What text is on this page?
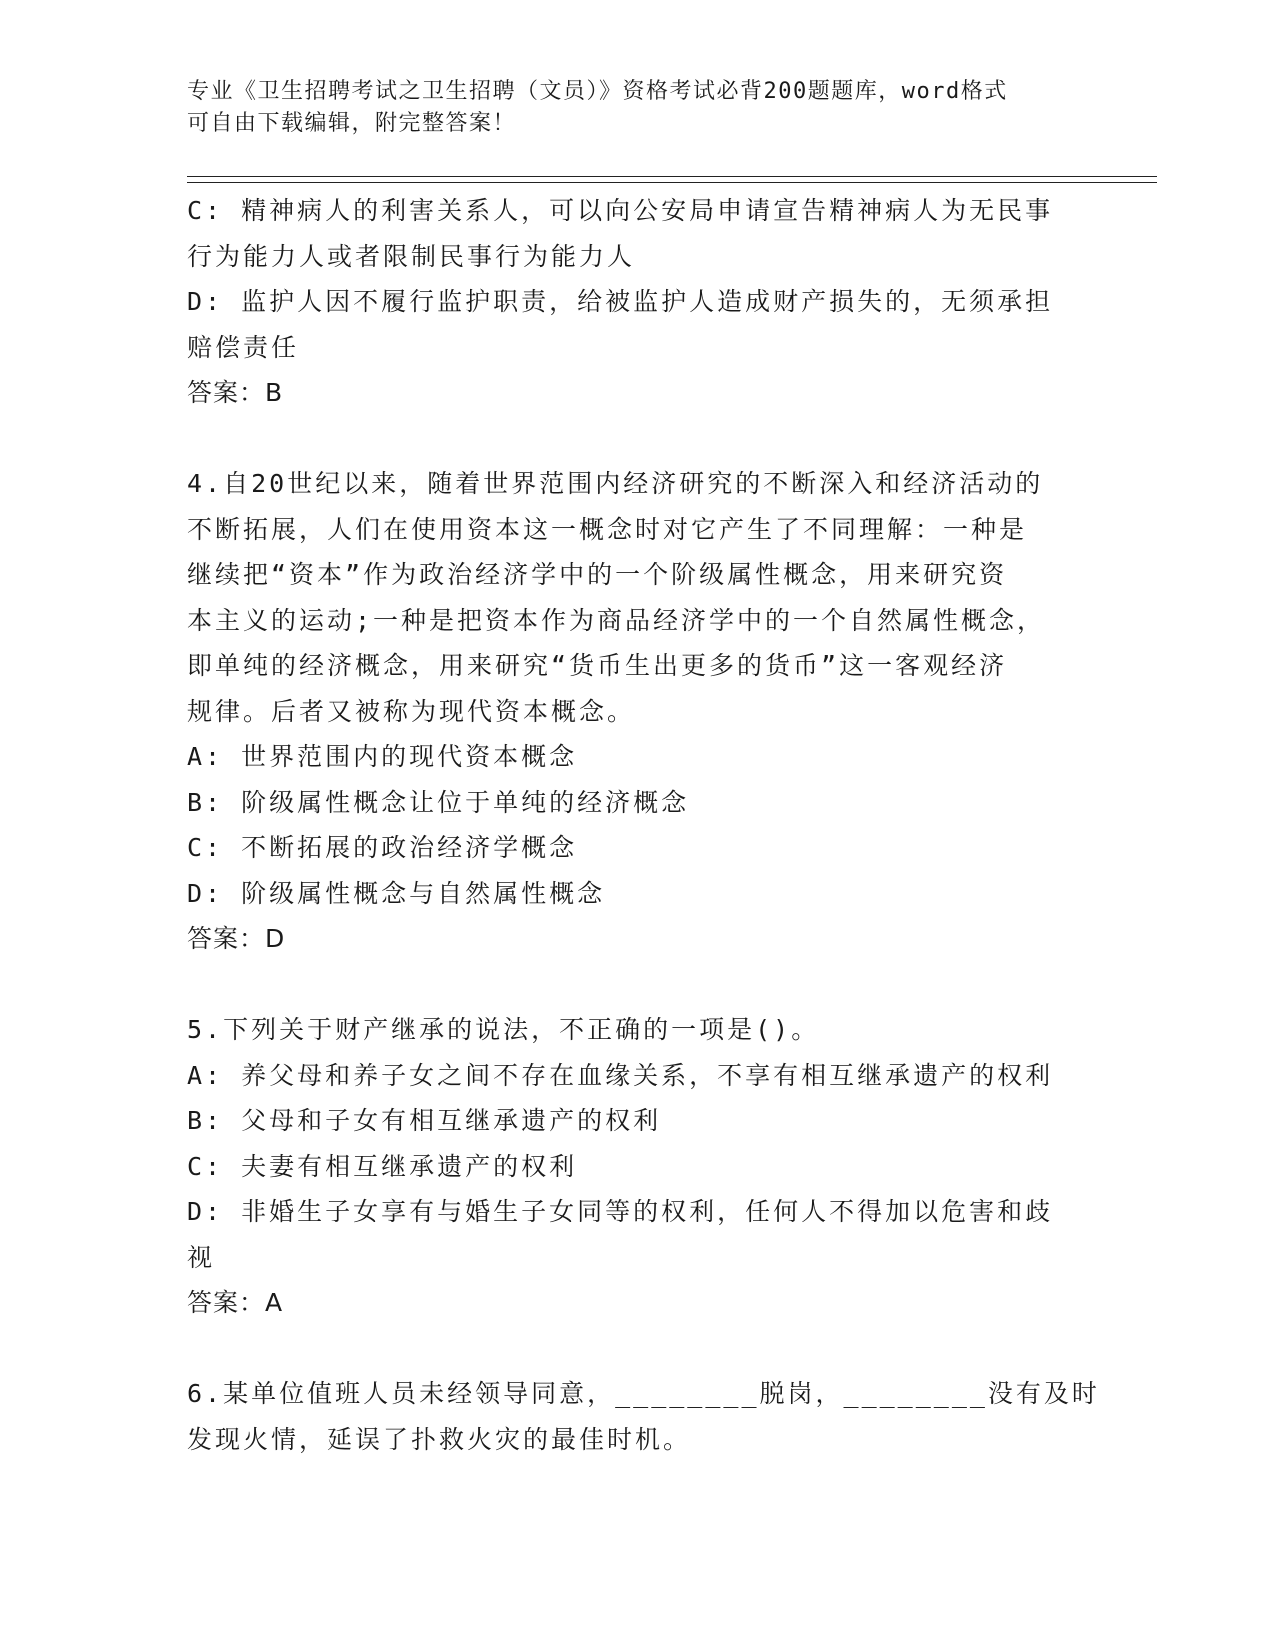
专业《卫生招聘考试之卫生招聘（文员）》资格考试必背200题题库，word格式
可自由下载编辑，附完整答案！
C: 精神病人的利害关系人，可以向公安局申请宣告精神病人为无民事
行为能力人或者限制民事行为能力人
D: 监护人因不履行监护职责，给被监护人造成财产损失的，无须承担
赔偿责任
答案：B
4.自20世纪以来，随着世界范围内经济研究的不断深入和经济活动的
不断拓展，人们在使用资本这一概念时对它产生了不同理解：一种是
继续把“资本”作为政治经济学中的一个阶级属性概念，用来研究资
本主义的运动;一种是把资本作为商品经济学中的一个自然属性概念，
即单纯的经济概念，用来研究“货币生出更多的货币”这一客观经济
规律。后者又被称为现代资本概念。
A: 世界范围内的现代资本概念
B: 阶级属性概念让位于单纯的经济概念
C: 不断拓展的政治经济学概念
D: 阶级属性概念与自然属性概念
答案：D
5.下列关于财产继承的说法，不正确的一项是()。
A: 养父母和养子女之间不存在血缘关系，不享有相互继承遗产的权利
B: 父母和子女有相互继承遗产的权利
C: 夫妻有相互继承遗产的权利
D: 非婚生子女享有与婚生子女同等的权利，任何人不得加以危害和歧
视
答案：A
6.某单位值班人员未经领导同意，________脱岗，________没有及时
发现火情，延误了扑救火灾的最佳时机。
